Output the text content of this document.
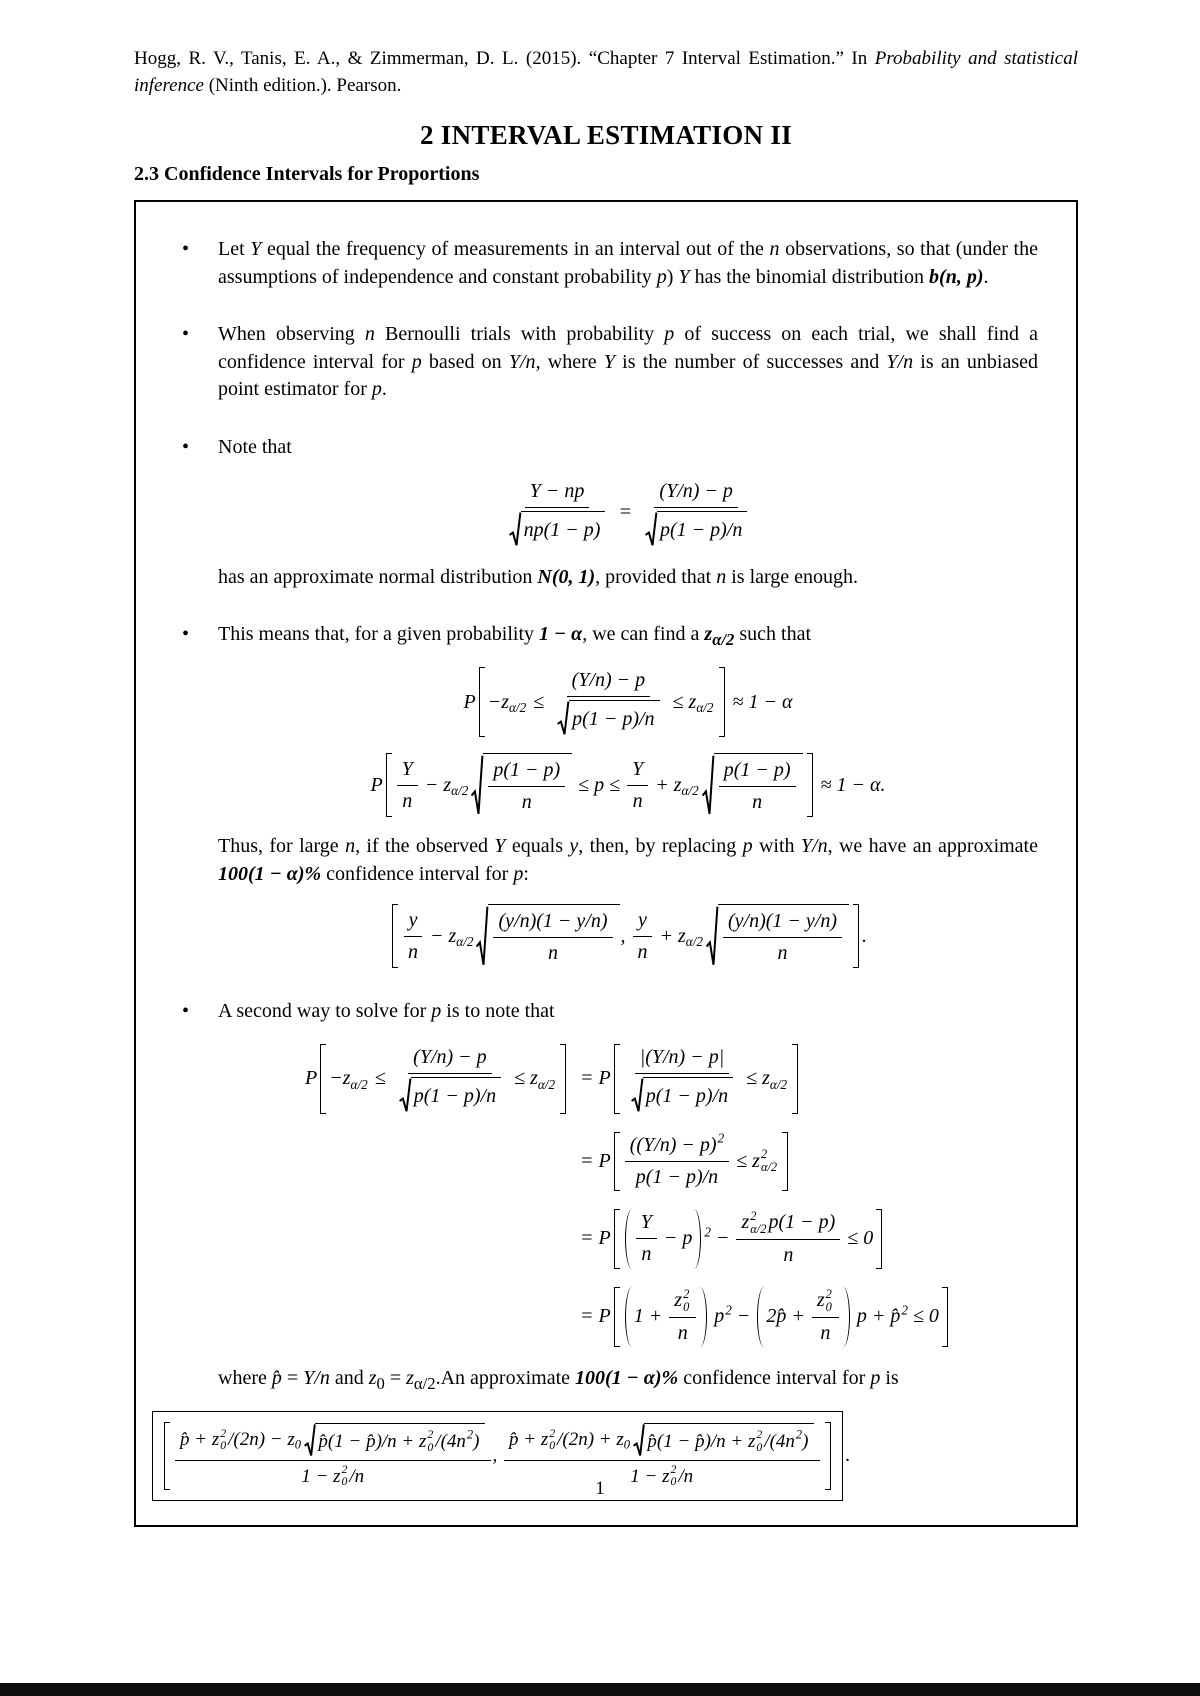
Hogg, R. V., Tanis, E. A., & Zimmerman, D. L. (2015). “Chapter 7 Interval Estimation.” In Probability and statistical inference (Ninth edition.). Pearson.

2 INTERVAL ESTIMATION II
2.3 Confidence Intervals for Proportions

• Let Y equal the frequency of measurements in an interval out of the n observations, so that (under the assumptions of independence and constant probability p) Y has the binomial distribution b(n, p).

• When observing n Bernoulli trials with probability p of success on each trial, we shall find a confidence interval for p based on Y/n, where Y is the number of successes and Y/n is an unbiased point estimator for p.

• Note that

$\frac{Y - np}{np(1 - p)} = \frac{(Y/n) - p}{p(1 - p)/n}$

has an approximate normal distribution N(0, 1), provided that n is large enough.

• This means that, for a given probability 1 − α, we can find a $z_{\alpha/2}$ such that

P −z $\alpha/2 \le \frac{(Y/n) - p}{p(1 - p)/n} \le z$ α/2 ≈ 1 − α
P
Y
n
− z α/2
p(1 − p)
n
≤ $p \le \frac{Y}{n} + z$ α/2
p(1 − p)
n
≈ 1 − α.

Thus, for large n, if the observed Y equals y, then, by replacing p with Y/n, we have an approximate 100(1 − α)% confidence interval for p:

y
n
− z α/2
(y/n)(1 − y/n)
n
,
y
n
+ z α/2
(y/n)(1 − y/n)
n
.

• A second way to solve for p is to note that

P −z $\alpha/2 \le \frac{(Y/n) - p}{p(1 - p)/n} \le z$ α/2
= P $\frac{|(Y/n) - p|}{p(1 - p)/n} \le z$ α/2
= P $\frac{((Y/n) - p) 2}{p(1 - p)/n} \le z$ 2
α/2
= P
Y
n
− p 2 − z 2
α/2 p(1 − p)
n ≤ 0
= P 1 + z 2
0
n p 2 − 2p̂ + z 2
0
n p + p̂ 2 ≤ 0

where p̂ = Y/n and $z_0 = z_{\alpha/2}.An$ approximate 100(1 − α)% confidence interval for p is

p̂ + z 2
0 /(2n) − z 0 p̂(1 − p̂)/n + z 2
0 /(4n 2 )
1 − z 2
0 /n
,
p̂ + z 2
0 /(2n) + z 0 p̂(1 − p̂)/n + z 2
0 /(4n 2 )
1 − z 2
0 /n
.
1
